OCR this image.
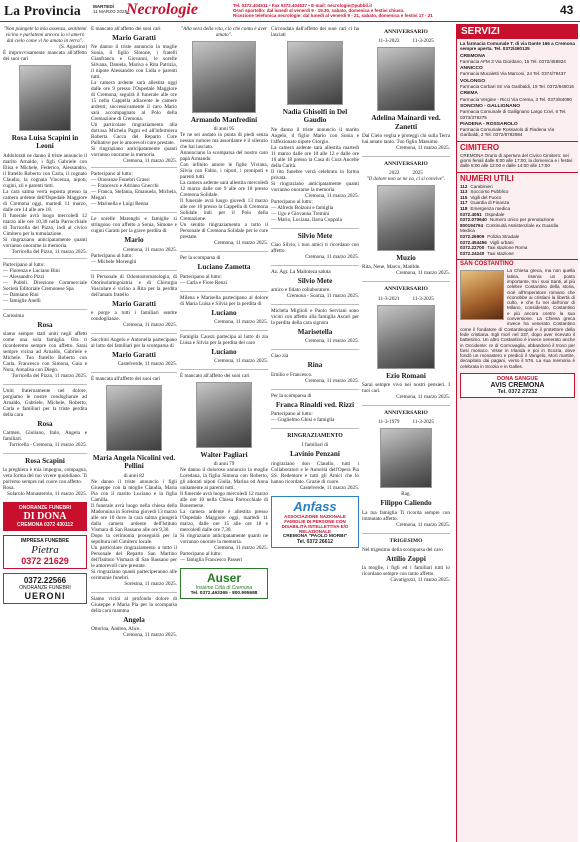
La Provincia	MARTEDÌ
11 MARZO 2025
Necrologie	Tel. 0372.404511 • Fax 0372.404537 • E-mail: necrologie@pubbli.it
Orari sportello: dal lunedì al venerdì 9 - 19.30, sabato, domenica e festivi chiuso.
Ricezione telefonica necrologie: dal lunedì al venerdì 9 - 21, sabato, domenica e festivi 17 - 21	43
"Non piangete la mia assenza, sentitemi vicino e parlatemi ancora io vi amerò dal cielo come vi ho amato in terra".
(S. Agostino)
È improvvisamente mancata all'affetto dei suoi cari
Rosa Luisa Scapini in Leoni
Addolorati ne danno il triste annuncio il marito Arnaldo, i figli Gabriele con Elisa e Michele, Federico, Alessandro, il fratello Roberto con Carla, il cognato Claudio, la cognata Vincenza, nipoti, cugini, zii e parenti tutti.
La cara salma verrà esposta presso la camera ardente dell'Ospedale Maggiore di Cremona oggi, martedì 11 marzo, dalle ore 14 alle ore 18.
Il funerale avrà luogo mercoledì 12 marzo alle ore 10,30 nella Parrocchiale di Torricella del Pizzo, indi al civico Cimitero per la tumulazione.
Si ringraziano anticipatamente quanti vorranno onorarne la memoria.
Torricella del Pizzo, 11 marzo 2025.
Partecipano al lutto:
— Fiorenza e Luciano Bini
— Alessandro Pizzi
— Pubbli. Direzione Commerciale Società Editoriale Cremonese Spa
— Damiano Rini
— famiglie Anelli
Carissima
Rosa
siamo sempre stati uniti negli affetti come una sola famiglia. Ora ti ricorderemo sempre con affetto. Sarai sempre vicina ad Arnaldo, Gabriele e Michele. Tuo fratello Roberto con Carla, Francesco con Simona, Gaia e Nora, Annalisa con Diego.
Torricella del Pizzo, 11 marzo 2025.
Uniti fraternamente nel dolore, porgiamo le nostre condoglianze ad Arnaldo, Gabriele, Michele, Roberto, Carla e familiari per la triste perdita della cara
Rosa
Carmen, Giuliano, Italo, Angela e familiari.
Torricella - Cremona, 11 marzo 2025.
Rosa Scapini
la preghiera è mia impegno, compagna, vera forma del tuo vivere quotidiano. Ti porremo sempre nel cuore con affetto.
Rosa.
Solarolo Monasterolo, 11 marzo 2025.
ONORANZE FUNEBRI
DI DONA
CREMONA 0372 430112
IMPRESA FUNEBRE
Pietra
0372 21629
0372.22566
ONORANZE FUNEBRI
UERONI
È mancato all'affetto dei suoi cari
Mario Garatti
Ne danno il triste annuncio la moglie Sonia, il figlio Simone, i fratelli Gianfranco e Giovanni, le sorelle Silvana, Daniela, Mariva e Rita Patrizia, il nipote Alessandro con Lidia e parenti tutti.
La camera ardente sarà allestita oggi dalle ore 9 presso l'Ospedale Maggiore di Cremona, seguirà il funerale alle ore 15 nella Cappella adiacente le camere ardenti; successivamente il caro Mario sarà accompagnato al Polo della Cremazione di Cremona.
Un particolare ringraziamento alla dott.ssa Michela Pagni ed all'infermiera Roberta Cacca del Reparto Cure Palliative per le amorevoli cure prestate.
Si ringraziano anticipatamente quanti vorranno onorarne la memoria.
Cremona, 11 marzo 2025.
Partecipano al lutto:
— Onoranze Funebri Grassi
— Francesco e Adriano Gnecchi
— Franca, Stefania, Emanuela, Michela, Megari
— Marinella e Luigi Benna
Le sorelle Marenghi e famiglie si stringono con affetto a Sonia, Simone e cugini Garatti per la grave perdita di
Mario
Cremona, 11 marzo 2025.
Partecipano al lutto:
— Michele Morenghi
Il Personale di Odontostomatologia, di Otorinolaringoiatria e di Chirurgia Vascolare è vicino a Rita per la perdita dell'amato fratello
Mario Garatti
e porge a tutti i familiari sentite condoglianze.
Cremona, 11 marzo 2025.
Sacchini Angelo e Antonella partecipano al lutto dei familiari per la scomparsa di
Mario Garatti
Castelverde, 11 marzo 2025.
È mancata all'affetto dei suoi cari
Maria Angela Nicolini ved. Pellini
di anni 82
Ne danno il triste annuncio i figli Giuseppe con la moglie Claudia, Maria Pia con il marito Luciano e la figlia Camilla.
Il funerale avrà luogo nella chiesa della Madonnina in Soresina giovedì 13 marzo alle ore 10 dove la cara salma giungerà dalla camera ardente dell'Istituto Vismara di San Bassano alle ore 9,30.
Dopo la cerimonia proseguirà per la sepoltura nel Cimitero locale.
Un particolare ringraziamento a tutto il Personale del Reparto San Martino dell'Istituto Vismara di San Bassano per le amorevoli cure prestate.
Si ringraziano quanti parteciperanno alle cerimonie funebri.
Soresina, 11 marzo 2025.
Siamo vicini al profondo dolore di Giuseppe e Maria Pia per la scomparsa della cara mamma
Angela
Ottorina, Andrea, Alice.
Cremona, 11 marzo 2025.
"Alla sera della vita, ciò che conta è aver amato".
Armando Manfredini
di anni 95
Te ne sei andato in punta di piedi senza nessun rumore ma assordante è il silenzio che hai lasciato.
Annunciano la scomparsa del nostro caro papà Armando.
Con infinito amore le figlie Viviana, Silvia con Fabio, i nipoti, i pronipoti e parenti tutti.
La camera ardente sarà allestita mercoledì 12 marzo dalle ore 9 alle ore 18 presso Cremona Solidale.
Il funerale avrà luogo giovedì 13 marzo alle ore 10 presso la Cappella di Cremona Solidale indi per il Polo della Cremazione.
Un sentito ringraziamento a tutto il Personale di Cremona Solidale per le cure prestate.
Cremona, 11 marzo 2025.
Per la scomparsa di
Luciano Zametta
Partecipano al lutto:
— Carla e Fiore Renzi
Milena e Marisella partecipano al dolore di Maria Luisa e Silvia per la perdita di
Luciano
Cremona, 11 marzo 2025.
Famiglia Causzi partecipa al lutto di zia Luisa e Silvia per la perdita del caro
Luciano
Cremona, 11 marzo 2025.
È mancato all'affetto dei suoi cari
Walter Pagliari
di anni 79
Ne danno il doloroso annuncio la moglie Loredana, la figlia Simona con Roberto, gli adorati nipoti Giulia, Marina ed Anna unitamente ai parenti tutti.
Il funerale avrà luogo mercoledì 12 marzo alle ore 10 nella Chiesa Parrocchiale di Bonemerse.
La camera ardente è allestita presso l'Ospedale Maggiore oggi, martedì 11 marzo, dalle ore 15 alle ore 18 e mercoledì dalle ore 7,30.
Si ringraziano anticipatamente quanti ne vorranno onorare la memoria.
Cremona, 11 marzo 2025.
Partecipano al lutto:
— famiglia Francesco Passeri
Auser
Insieme Città di Cremona
Tel. 0372.463365 - 800.995988
Circondata dall'affetto dei suoi cari ci ha lasciati
Nadia Ghisolfi in Del Gaudio
Ne danno il triste annuncio il marito Angelo, il figlio Mario con Sonia e l'affezionato nipote Giorgio.
La camera ardente sarà allestita martedì 11 marzo dalle ore 10 alle 12 e dalle ore 16 alle 18 presso la Casa di Cura Ancelle della Carità.
Il rito funebre verrà celebrato in forma privata.
Si ringraziano anticipatamente quanti vorranno onorarne la memoria.
Cremona, 11 marzo 2025.
Partecipano al lutto:
— Alfredo Bolzoni e famiglia
— Ugo e Giovanna Tremini
— Mario, Luciana, Ilaria Coppola
Silvio Mete
Ciao Silvio, i tuoi amici ti ricordano con affetto.
Cremona, 11 marzo 2025.
Az. Agr. La Malinteza saluta
Silvio Mete
amico e fidato collaboratore.
Cremona - Soarza, 11 marzo 2025.
Michela Migliolì e Paolo Serviani sono vicini con affetto alla famiglia Ascari per la perdita della cara signora
Marisetella
Cremona, 11 marzo 2025.
Ciao zia
Rina
Emilio e Francesco.
Cremona, 11 marzo 2025.
Per la scomparsa di
Franca Rinaldi ved. Rizzi
Partecipano al lutto:
— Guglielmo Ghisi e famiglia
RINGRAZIAMENTO
I familiari di
Lavinio Penzani
ringraziano don Claudio, tutti i Collaboratori e le Autorità dell'Opera Pia SS. Redentore e tutti gli Amici che lo hanno ricordato. Grazie di cuore.
Castelverde, 11 marzo 2025.
Anfass
ASSOCIAZIONE NAZIONALE FAMIGLIE DI PERSONE CON DISABILITÀ INTELLETTIVA E/O RELAZIONALE
CREMONA "PAOLO MORBI"
Tel. 0372 26612
ANNIVERSARIO
11-3-2022          11-3-2025
Adelina Mainardi ved. Zanetti
Dal Cielo veglia e proteggi chi sulla Terra hai amato tanto. Tuo figlio Massimo.
Cremona, 11 marzo 2025.
ANNIVERSARIO
2022          2025
"Il dolore non se ne va, ci si convive".
Muzio
Rita, Nene, Marco, Matilde.
Cremona, 11 marzo 2025.
ANNIVERSARIO
11-3-2021          11-3-2025
Ezio Romani
Sarai sempre vivo nei nostri pensieri. I tuoi cari.
Cremona, 11 marzo 2025.
ANNIVERSARIO
11-3-1979          11-3-2025
Rag.
Filippo Caliendo
La tua famiglia Ti ricorda sempre con immutato affetto.
Cremona, 11 marzo 2025.
TRIGESIMO
Nel trigesimo della scomparsa del caro
Attilio Zoppi
la moglie, i figli ed i familiari tutti lo ricordano sempre con tanto affetto.
Cavatigozzi, 11 marzo 2025.
SERVIZI
La farmacia Comunale T. di via Dante 166 a Cremona sempre aperta. Tel. 0372/460135
CREMONA
Farmacia AFM 3 Via Giordano, 15 Tel. 0372/458924
ANNICCO
Farmacia Mucaletti Via Marconi, 24 Tel. 0374/79437
VOLONGO
Farmacia Corbari Sri Via Garibaldi, 19 Tel. 0372/845016
CREMA
Farmacia Vergine - Ricci Via Crema, 3 Tel. 0373/84090
SONCINO - GALLIGNANO
Farmacia Comunale di Gallignano Largo Covi, 6 Tel. 0373/378275
PIADENA - ROSSAROLO
Farmacia Comunale Rossarolo di Piadena Via Garibaldi, 2 Tel. 0372/8792984
CIMITERO
CREMONA Orario di apertura del Civico Cimitero: nei giorni feriali dalle 8:00 alle 17:00, la domenica e i festivi dalle 8:00 alle 12:00 e dalle 14:00 alle 17:00
NUMERI UTILI
112 Carabinieri
113 Soccorso Pubblico
115 Vigili del Fuoco
117 Guardia di Finanza
118 Emergenza medica
0372.4051 Ospedale
0372.070640 Numero unico per prenotazione
800194764 Continuità Assistenziale ex Guardia Medica
0372.26909 Polizia Stradale
0372.454456 Vigili urbani
0372.22700 Taxi stazione Roma
0372.24240 Taxi stazione
SAN COSTANTINO
La Chiesa greca, ma non quella latina, riserva un posto importante, tra i suoi Santi, al più celebre Costantino della storia, cioè all'Imperatore romano che riconobbe ai cristiani la libertà di culto, e che fu nei dall'onor di Milano, considerato, Costantino e più ancora contro la sua conversione. La Chiesa greca invece ha venerato Costantino come il fondatore di Costantinopoli e il protettore della fede cristiana. Egli morì nel 337, dopo aver ricevuto il battesimo. Un altro Costantino è invece venerato anche in Occidente: re di Cornovaglia, abbandonò il trono per farsi monaco. Visse in Irlanda e poi in Scozia, dove fondò un monastero e predicò il Vangelo. Morì martire, decapitato dai pagani, verso il 576. La sua memoria è celebrata in Scozia e in Galles.
DONA SANGUE
AVIS CREMONA
Tel. 0372 27232
